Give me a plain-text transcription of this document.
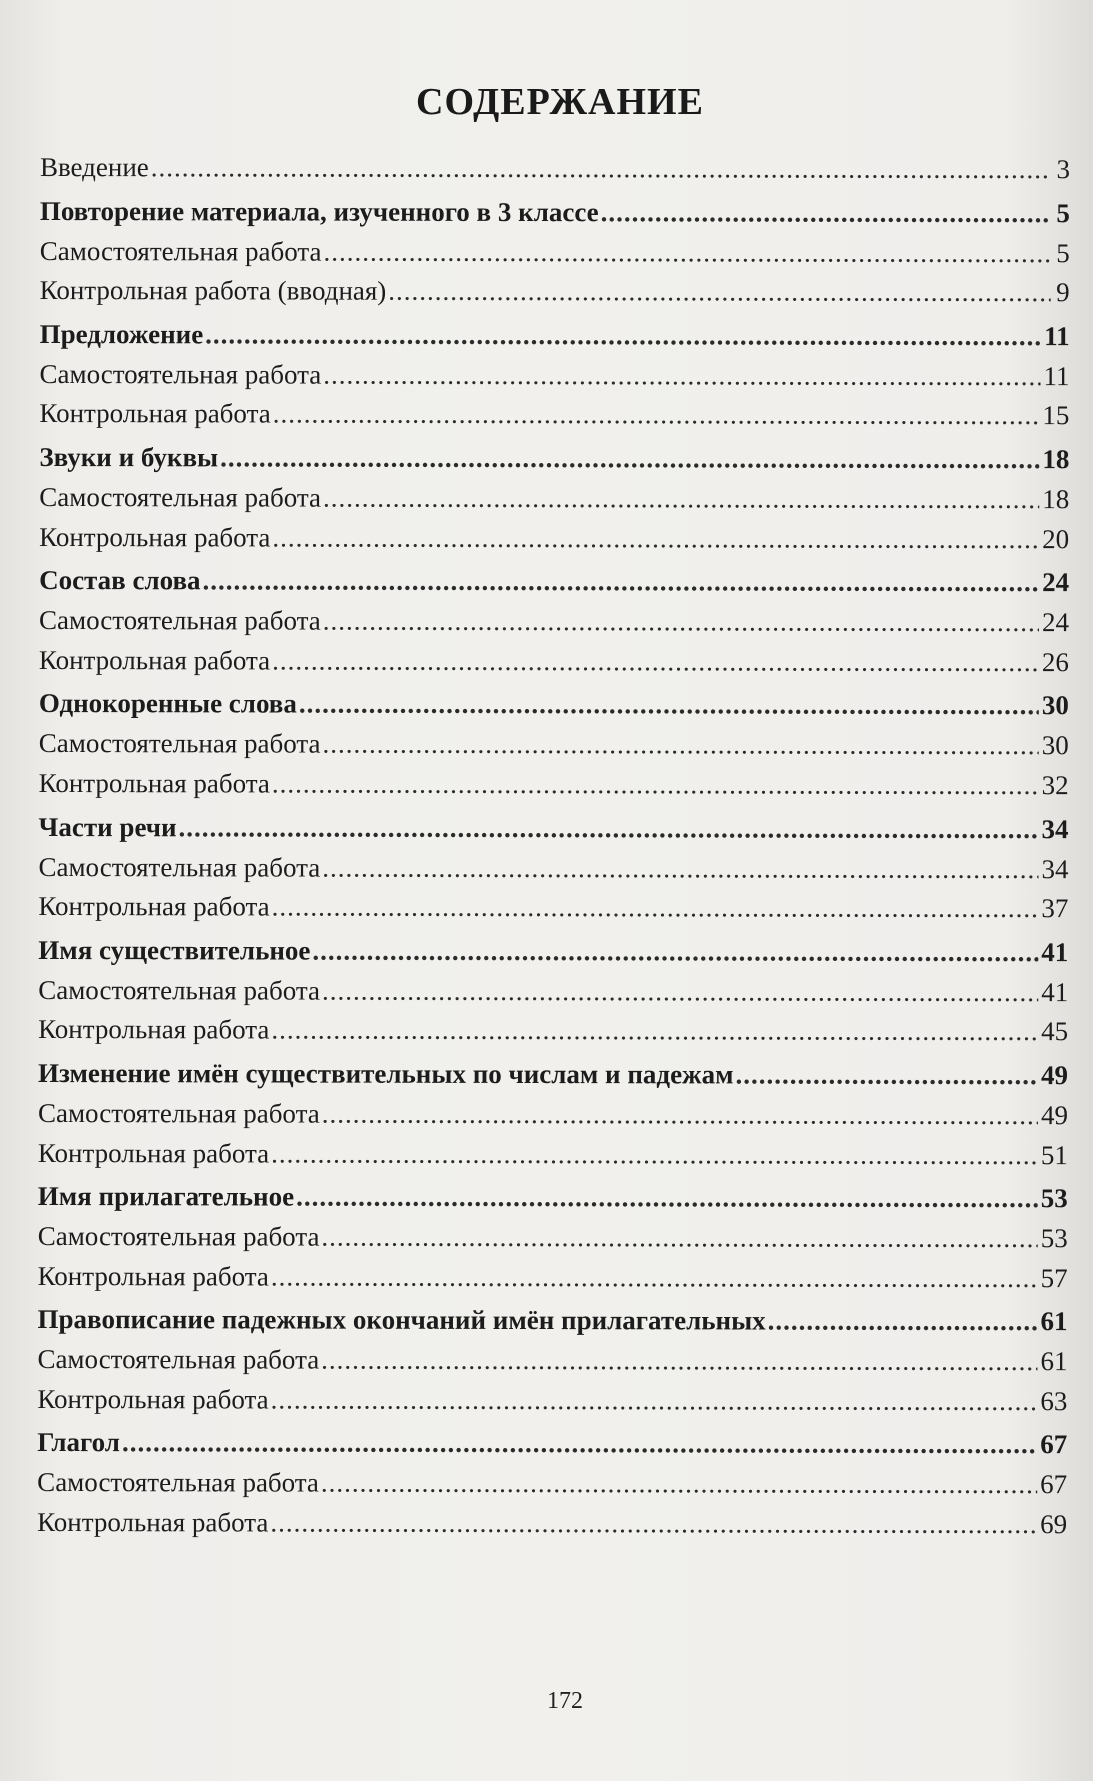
СОДЕРЖАНИЕ
Введение .....	3
Повторение материала, изученного в 3 классе .....	5
Самостоятельная работа .....	5
Контрольная работа (вводная) .....	9
Предложение .....	11
Самостоятельная работа .....	11
Контрольная работа .....	15
Звуки и буквы .....	18
Самостоятельная работа .....	18
Контрольная работа .....	20
Состав слова .....	24
Самостоятельная работа .....	24
Контрольная работа .....	26
Однокоренные слова .....	30
Самостоятельная работа .....	30
Контрольная работа .....	32
Части речи .....	34
Самостоятельная работа .....	34
Контрольная работа .....	37
Имя существительное .....	41
Самостоятельная работа .....	41
Контрольная работа .....	45
Изменение имён существительных по числам и падежам .....	49
Самостоятельная работа .....	49
Контрольная работа .....	51
Имя прилагательное .....	53
Самостоятельная работа .....	53
Контрольная работа .....	57
Правописание падежных окончаний имён прилагательных .....	61
Самостоятельная работа .....	61
Контрольная работа .....	63
Глагол .....	67
Самостоятельная работа .....	67
Контрольная работа .....	69
172
